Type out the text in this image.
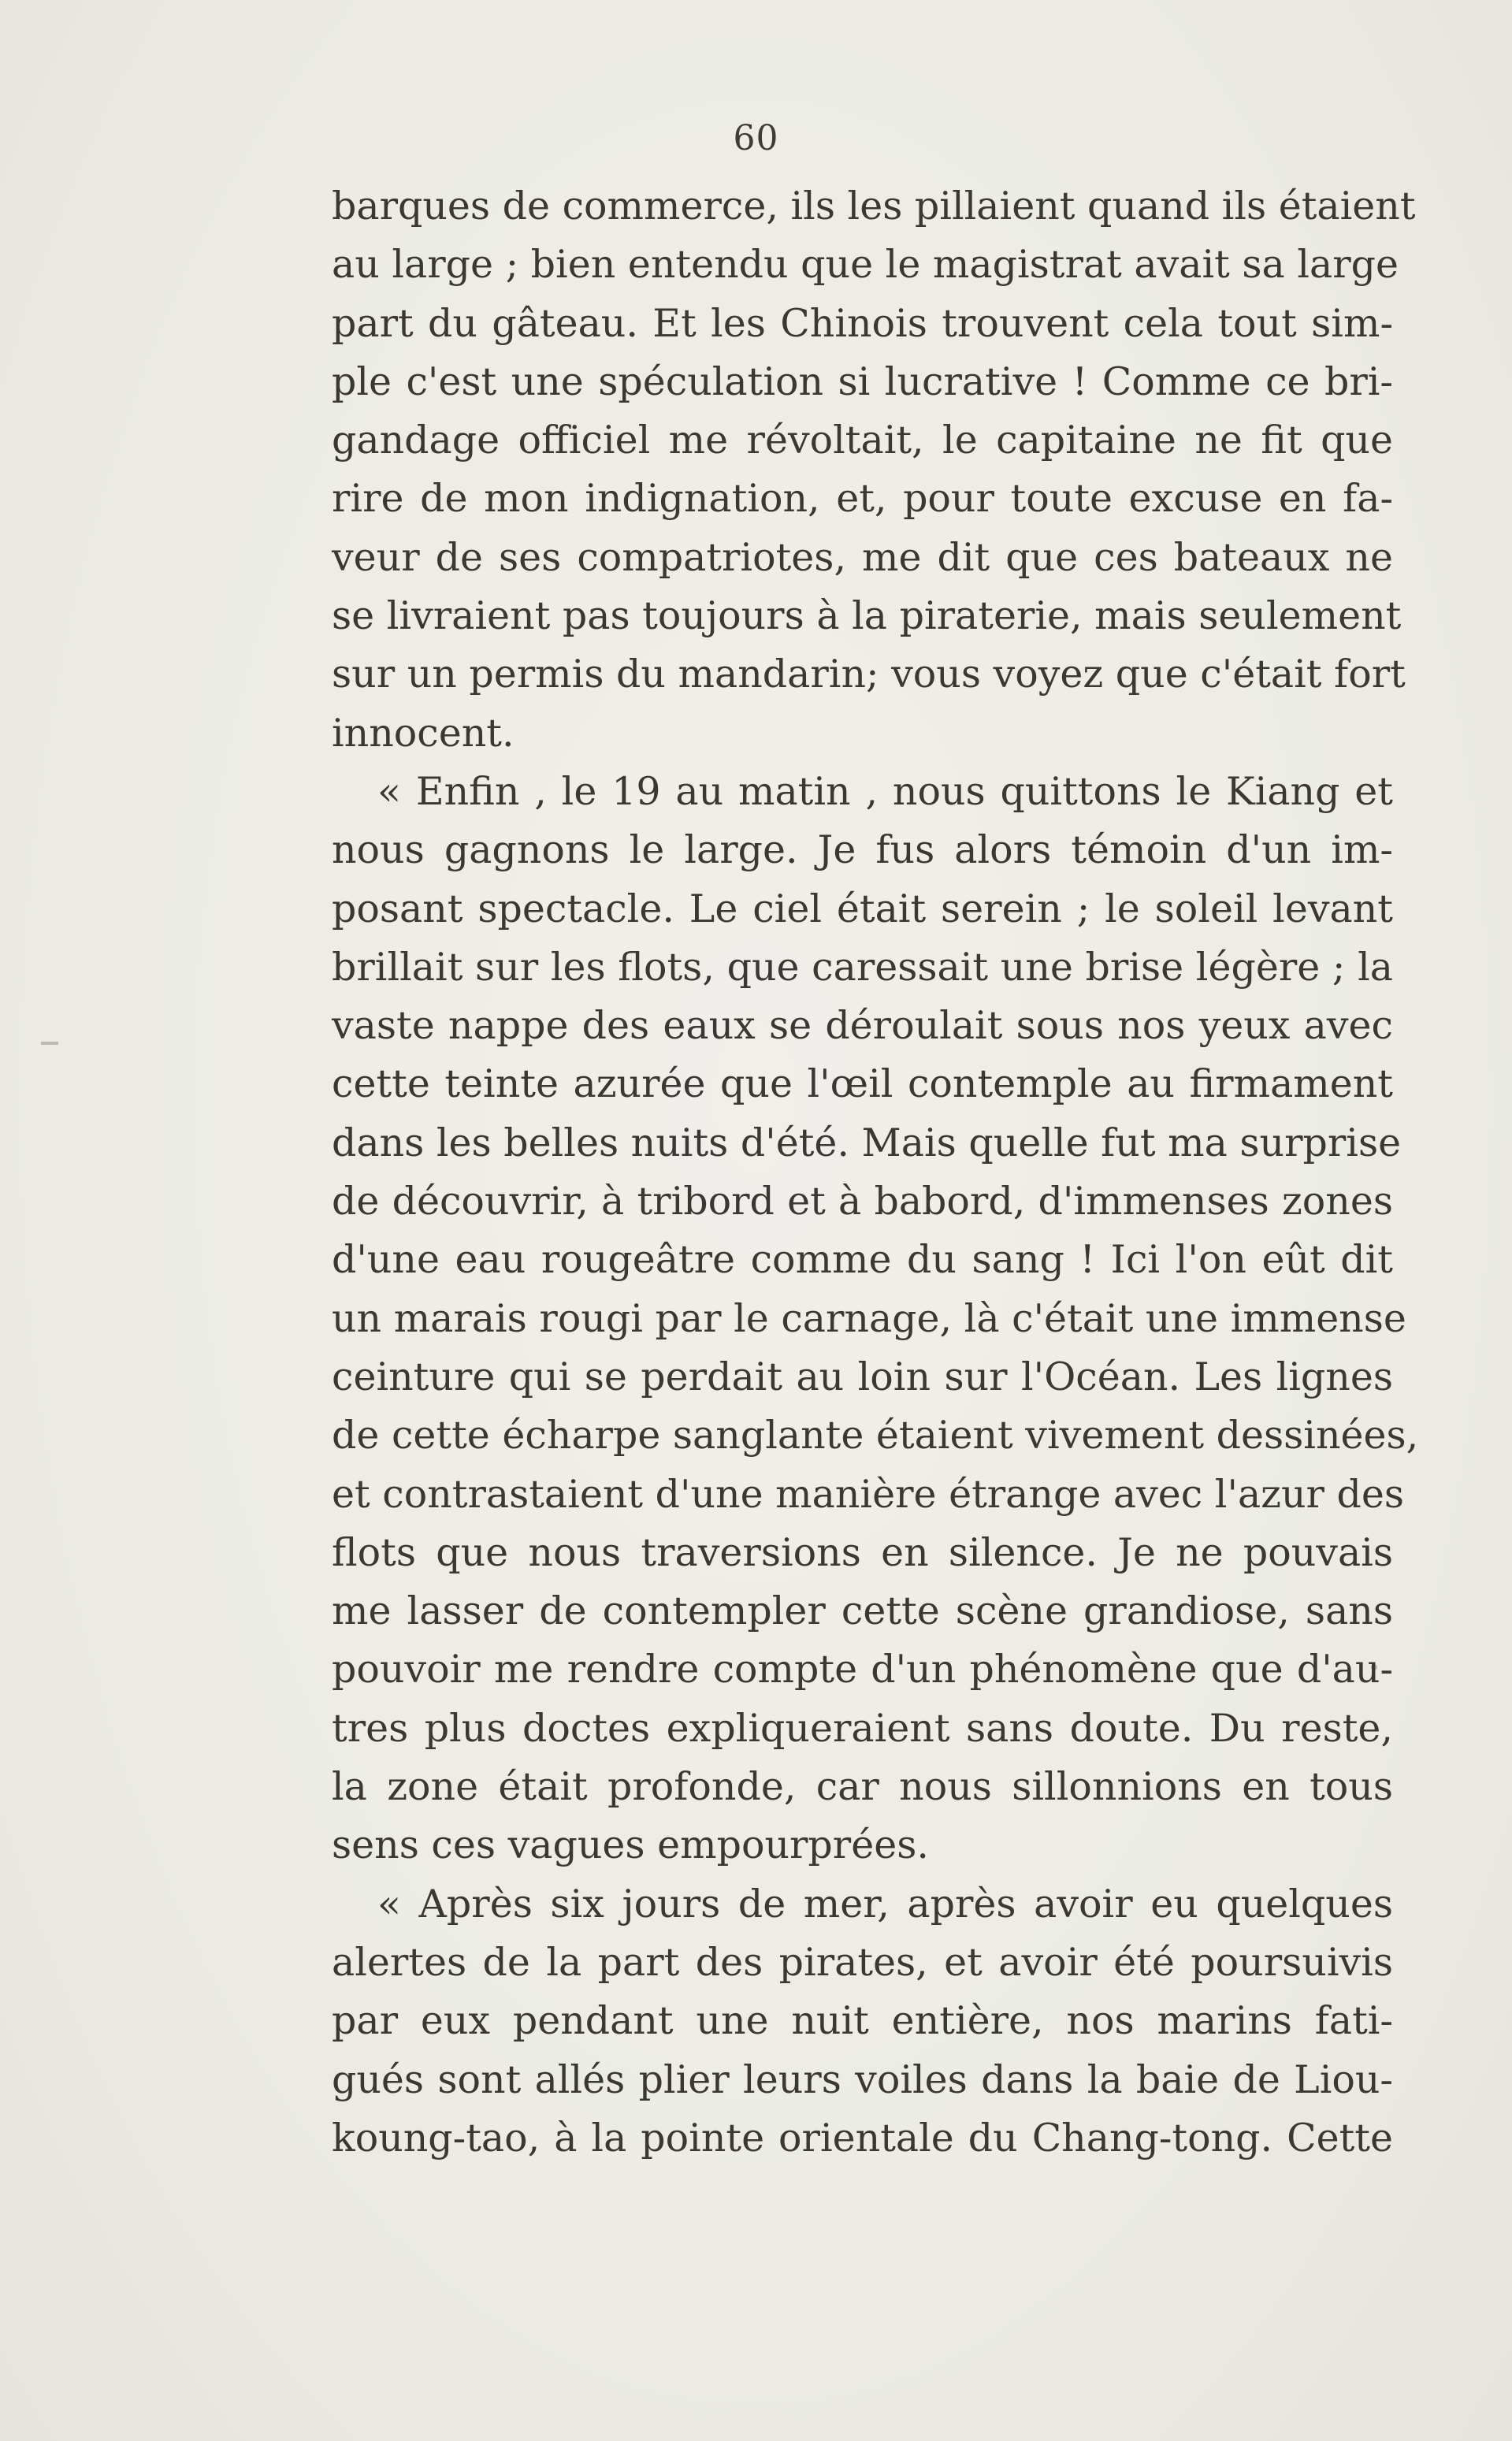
60
barques de commerce, ils les pillaient quand ils étaient
au large ; bien entendu que le magistrat avait sa large
part du gâteau. Et les Chinois trouvent cela tout sim-
ple c'est une spéculation si lucrative ! Comme ce bri-
gandage officiel me révoltait, le capitaine ne fit que
rire de mon indignation, et, pour toute excuse en fa-
veur de ses compatriotes, me dit que ces bateaux ne
se livraient pas toujours à la piraterie, mais seulement
sur un permis du mandarin; vous voyez que c'était fort
innocent.
« Enfin , le 19 au matin , nous quittons le Kiang et
nous gagnons le large. Je fus alors témoin d'un im-
posant spectacle. Le ciel était serein ; le soleil levant
brillait sur les flots, que caressait une brise légère ; la
vaste nappe des eaux se déroulait sous nos yeux avec
cette teinte azurée que l'œil contemple au firmament
dans les belles nuits d'été. Mais quelle fut ma surprise
de découvrir, à tribord et à babord, d'immenses zones
d'une eau rougeâtre comme du sang ! Ici l'on eût dit
un marais rougi par le carnage, là c'était une immense
ceinture qui se perdait au loin sur l'Océan. Les lignes
de cette écharpe sanglante étaient vivement dessinées,
et contrastaient d'une manière étrange avec l'azur des
flots que nous traversions en silence. Je ne pouvais
me lasser de contempler cette scène grandiose, sans
pouvoir me rendre compte d'un phénomène que d'au-
tres plus doctes expliqueraient sans doute. Du reste,
la zone était profonde, car nous sillonnions en tous
sens ces vagues empourprées.
« Après six jours de mer, après avoir eu quelques
alertes de la part des pirates, et avoir été poursuivis
par eux pendant une nuit entière, nos marins fati-
gués sont allés plier leurs voiles dans la baie de Liou-
koung-tao, à la pointe orientale du Chang-tong. Cette
